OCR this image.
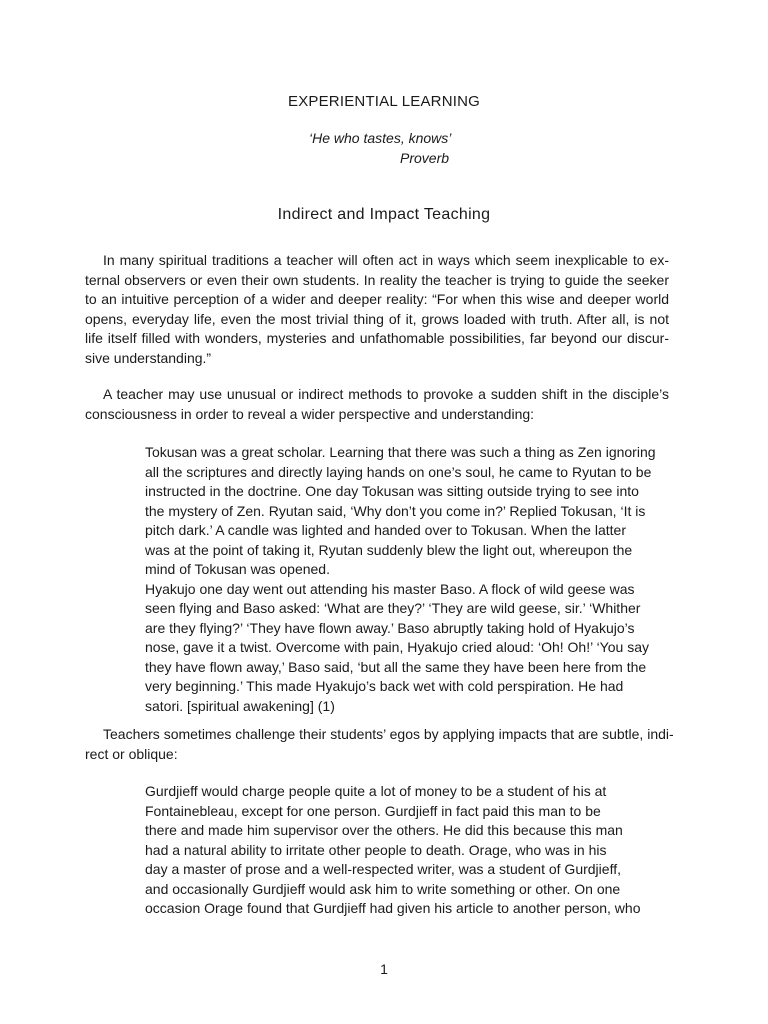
EXPERIENTIAL LEARNING
‘He who tastes, knows’
Proverb
Indirect and Impact Teaching
In many spiritual traditions a teacher will often act in ways which seem inexplicable to ex-
ternal observers or even their own students. In reality the teacher is trying to guide the seeker
to an intuitive perception of a wider and deeper reality: “For when this wise and deeper world
opens, everyday life, even the most trivial thing of it, grows loaded with truth. After all, is not
life itself filled with wonders, mysteries and unfathomable possibilities, far beyond our discur-
sive understanding.”
A teacher may use unusual or indirect methods to provoke a sudden shift in the disciple’s
consciousness in order to reveal a wider perspective and understanding:
Tokusan was a great scholar. Learning that there was such a thing as Zen ignoring
all the scriptures and directly laying hands on one’s soul, he came to Ryutan to be
instructed in the doctrine. One day Tokusan was sitting outside trying to see into
the mystery of Zen. Ryutan said, ‘Why don’t you come in?’ Replied Tokusan, ‘It is
pitch dark.’ A candle was lighted and handed over to Tokusan. When the latter
was at the point of taking it, Ryutan suddenly blew the light out, whereupon the
mind of Tokusan was opened.
Hyakujo one day went out attending his master Baso. A flock of wild geese was
seen flying and Baso asked: ‘What are they?’ ‘They are wild geese, sir.’ ‘Whither
are they flying?’ ‘They have flown away.’ Baso abruptly taking hold of Hyakujo’s
nose, gave it a twist. Overcome with pain, Hyakujo cried aloud: ‘Oh! Oh!’ ‘You say
they have flown away,’ Baso said, ‘but all the same they have been here from the
very beginning.’ This made Hyakujo’s back wet with cold perspiration. He had
satori. [spiritual awakening] (1)
Teachers sometimes challenge their students’ egos by applying impacts that are subtle, indi-
rect or oblique:
Gurdjieff would charge people quite a lot of money to be a student of his at
Fontainebleau, except for one person. Gurdjieff in fact paid this man to be
there and made him supervisor over the others. He did this because this man
had a natural ability to irritate other people to death. Orage, who was in his
day a master of prose and a well-respected writer, was a student of Gurdjieff,
and occasionally Gurdjieff would ask him to write something or other. On one
occasion Orage found that Gurdjieff had given his article to another person, who
1
